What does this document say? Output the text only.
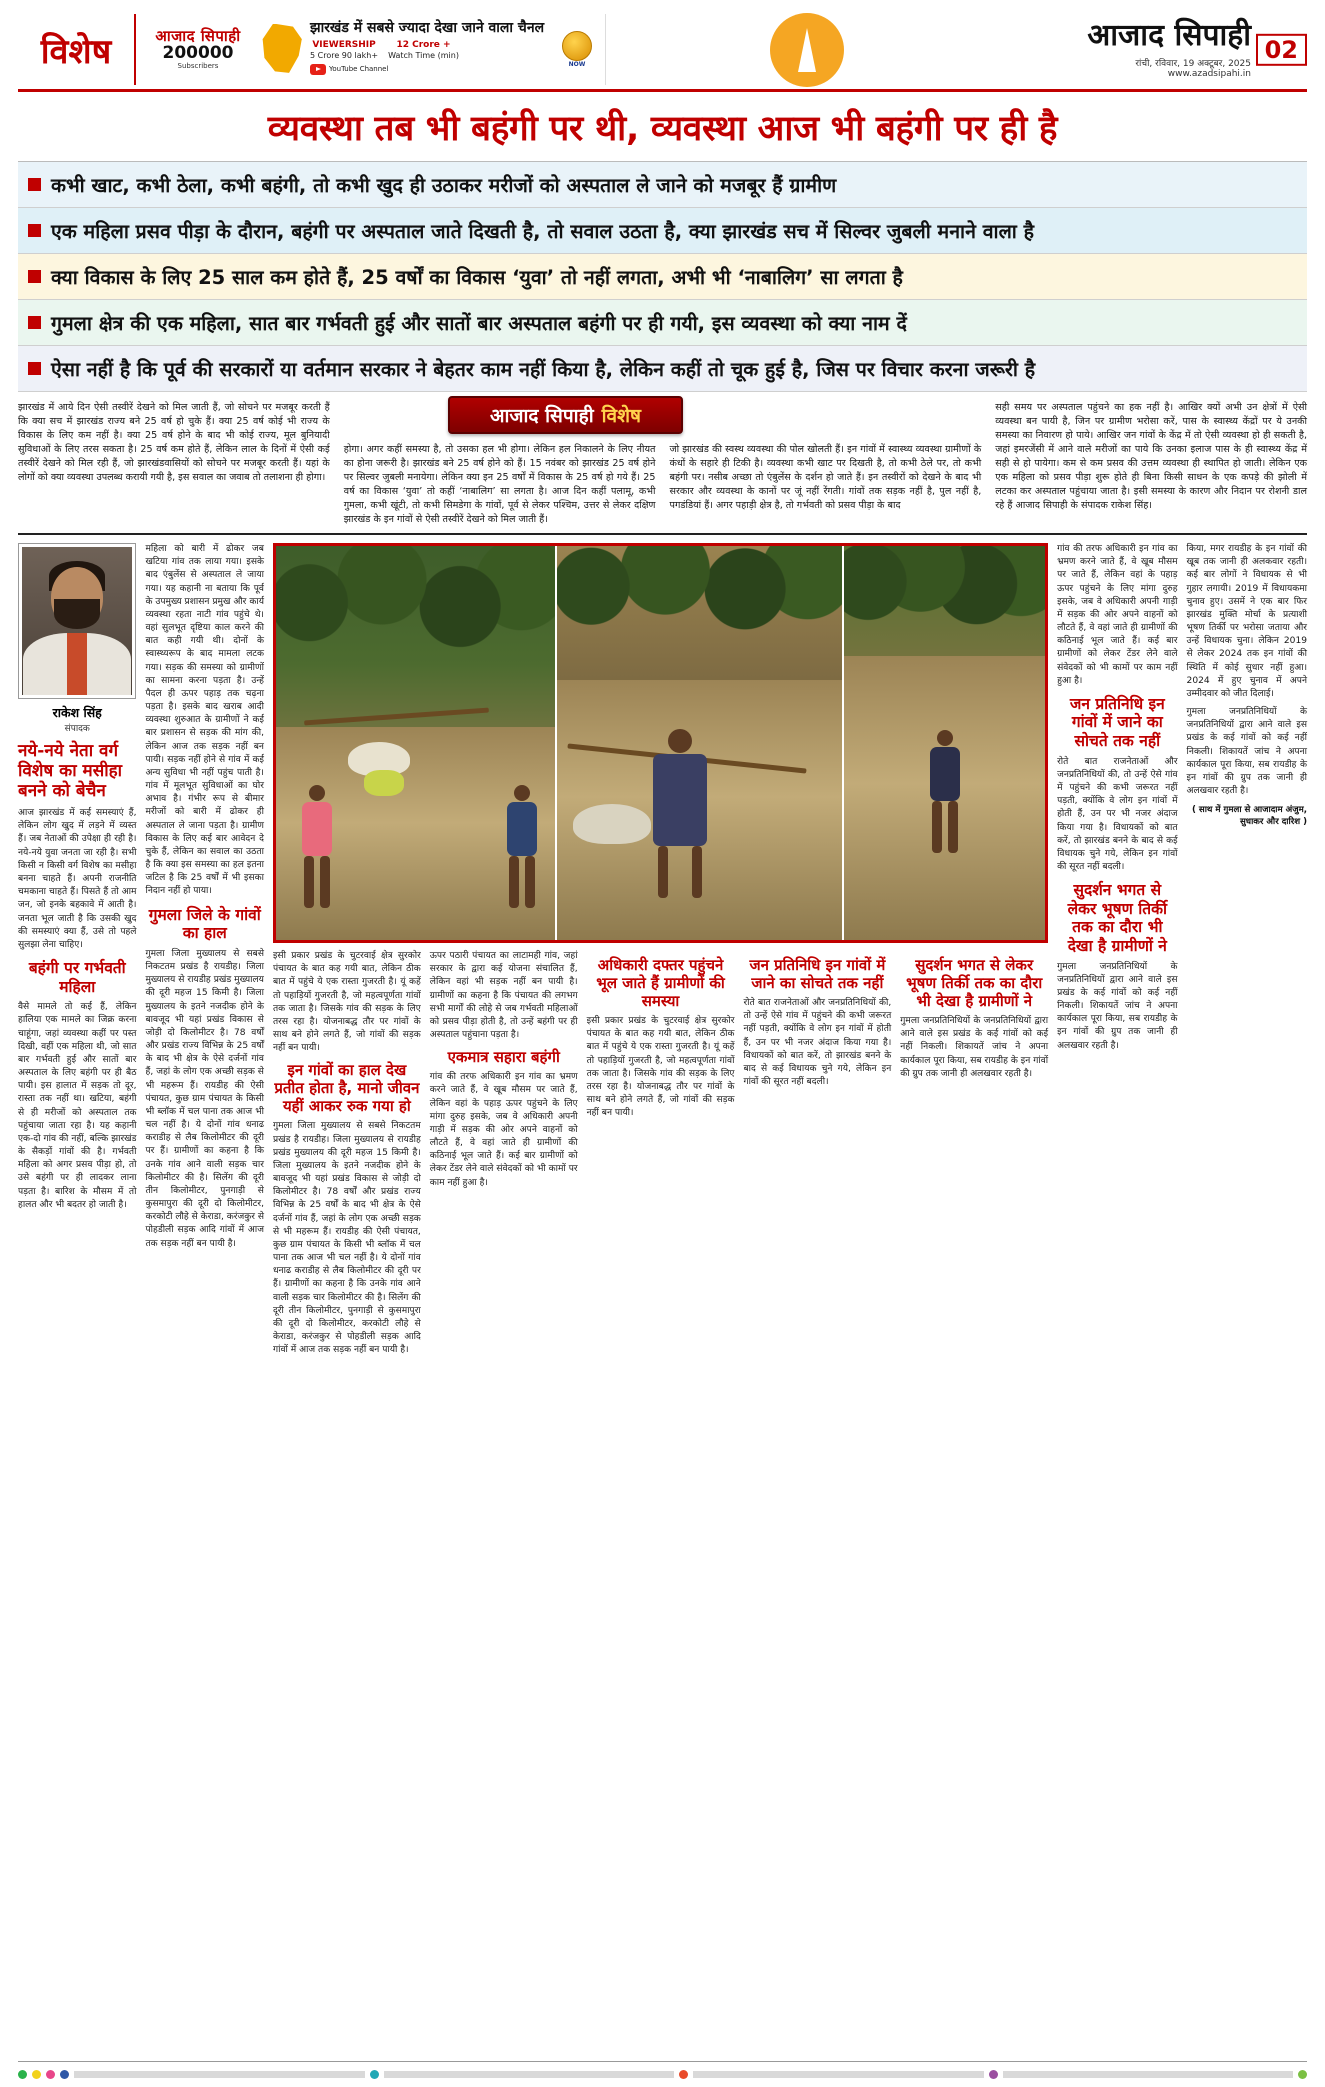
विशेष	आजाद सिपाही
200000
Subscribers
झारखंड में सबसे ज्यादा देखा जाने वाला चैनल
VIEWERSHIP
5 Crore 90 lakh+
12 Crore +
Watch Time (min)
YouTube Channel
NOW
आजाद सिपाही
रांची, रविवार, 19 अक्टूबर, 2025
www.azadsipahi.in
02
व्यवस्था तब भी बहंगी पर थी, व्यवस्था आज भी बहंगी पर ही है
कभी खाट, कभी ठेला, कभी बहंगी, तो कभी खुद ही उठाकर मरीजों को अस्पताल ले जाने को मजबूर हैं ग्रामीण
एक महिला प्रसव पीड़ा के दौरान, बहंगी पर अस्पताल जाते दिखती है, तो सवाल उठता है, क्या झारखंड सच में सिल्वर जुबली मनाने वाला है
क्या विकास के लिए 25 साल कम होते हैं, 25 वर्षों का विकास ‘युवा’ तो नहीं लगता, अभी भी ‘नाबालिग’ सा लगता है
गुमला क्षेत्र की एक महिला, सात बार गर्भवती हुई और सातों बार अस्पताल बहंगी पर ही गयी, इस व्यवस्था को क्या नाम दें
ऐसा नहीं है कि पूर्व की सरकारों या वर्तमान सरकार ने बेहतर काम नहीं किया है, लेकिन कहीं तो चूक हुई है, जिस पर विचार करना जरूरी है

झारखंड में आये दिन ऐसी तस्वीरें देखने को मिल जाती हैं, जो सोचने पर मजबूर करती हैं कि क्या सच में झारखंड राज्य बने 25 वर्ष हो चुके हैं। क्या 25 वर्ष कोई भी राज्य के विकास के लिए कम नहीं है। क्या 25 वर्ष होने के बाद भी कोई राज्य, मूल बुनियादी सुविधाओं के लिए तरस सकता है। 25 वर्ष कम होते हैं, लेकिन लाल के दिनों में ऐसी कई तस्वीरें देखने को मिल रही हैं, जो झारखंडवासियों को सोचने पर मजबूर करती हैं। यहां के लोगों को क्या व्यवस्था उपलब्ध करायी गयी है, इस सवाल का जवाब तो तलाशना ही होगा।

होगा। अगर कहीं समस्या है, तो उसका हल भी होगा। लेकिन हल निकालने के लिए नीयत का होना जरूरी है। झारखंड बने 25 वर्ष होने को हैं। 15 नवंबर को झारखंड 25 वर्ष होने पर सिल्वर जुबली मनायेगा। लेकिन क्या इन 25 वर्षों में विकास के 25 वर्ष हो गये हैं। 25 वर्ष का विकास ‘युवा’ तो कहीं ‘नाबालिग’ सा लगता है। आज दिन कहीं पलामू, कभी गुमला, कभी खूंटी, तो कभी सिमडेगा के गांवों, पूर्व से लेकर पश्चिम, उत्तर से लेकर दक्षिण झारखंड के इन गांवों से ऐसी तस्वीरें देखने को मिल जाती हैं।

जो झारखंड की स्वस्थ व्यवस्था की पोल खोलती हैं। इन गांवों में स्वास्थ्य व्यवस्था ग्रामीणों के कंधों के सहारे ही टिकी है। व्यवस्था कभी खाट पर दिखती है, तो कभी ठेले पर, तो कभी बहंगी पर। नसीब अच्छा तो एंबुलेंस के दर्शन हो जाते हैं। इन तस्वीरों को देखने के बाद भी सरकार और व्यवस्था के कानों पर जूं नहीं रेंगती। गांवों तक सड़क नहीं है, पुल नहीं है, पगडंडियां हैं। अगर पहाड़ी क्षेत्र है, तो गर्भवती को प्रसव पीड़ा के बाद

सही समय पर अस्पताल पहुंचने का हक नहीं है। आखिर क्यों अभी उन क्षेत्रों में ऐसी व्यवस्था बन पायी है, जिन पर ग्रामीण भरोसा करें, पास के स्वास्थ्य केंद्रों पर ये उनकी समस्या का निवारण हो पाये। आखिर जन गांवों के केंद्र में तो ऐसी व्यवस्था हो ही सकती है, जहां इमरजेंसी में आने वाले मरीजों का पाये कि उनका इलाज पास के ही स्वास्थ्य केंद्र में सही से हो पायेगा। कम से कम प्रसव की उत्तम व्यवस्था ही स्थापित हो जाती। लेकिन एक एक महिला को प्रसव पीड़ा शुरू होते ही बिना किसी साधन के एक कपड़े की झोली में लटका कर अस्पताल पहुंचाया जाता है। इसी समस्या के कारण और निदान पर रोशनी डाल रहे हैं आजाद सिपाही के संपादक राकेश सिंह।

आजाद सिपाही विशेष
राकेश सिंह
संपादक
नये-नये नेता वर्ग विशेष का मसीहा बनने को बेचैन

आज झारखंड में कई समस्याएं हैं, लेकिन लोग खुद में लड़ने में व्यस्त हैं। जब नेताओं की उपेक्षा ही रही है। नये-नये युवा जनता जा रही है। सभी किसी न किसी वर्ग विशेष का मसीहा बनना चाहते हैं। अपनी राजनीति चमकाना चाहते हैं। पिसते हैं तो आम जन, जो इनके बहकावे में आती है। जनता भूल जाती है कि उसकी खुद की समस्याएं क्या हैं, उसे तो पहले सुलझा लेना चाहिए।

बहंगी पर गर्भवती महिला

वैसे मामले तो कई हैं, लेकिन हालिया एक मामले का जिक्र करना चाहूंगा, जहां व्यवस्था कहीं पर पस्त दिखी, वहीं एक महिला थी, जो सात बार गर्भवती हुई और सातों बार अस्पताल के लिए बहंगी पर ही बैठ पायी। इस हालात में सड़क तो दूर, रास्ता तक नहीं था। खटिया, बहंगी से ही मरीजों को अस्पताल तक पहुंचाया जाता रहा है। यह कहानी एक-दो गांव की नहीं, बल्कि झारखंड के सैकड़ों गांवों की है। गर्भवती महिला को अगर प्रसव पीड़ा हो, तो उसे बहंगी पर ही लादकर लाना पड़ता है। बारिश के मौसम में तो हालत और भी बदतर हो जाती है।

महिला को बारी में ढोकर जब खटिया गांव तक लाया गया। इसके बाद एंबुलेंस से अस्पताल ले जाया गया। यह कहानी ना बताया कि पूर्व के उपमुख्य प्रशासन प्रमुख और कार्य व्यवस्था रहता नाटी गांव पहुंचे थे। वहां सुलभूत दृष्टिया काल करने की बात कही गयी थी। दोनों के स्वास्थ्यरूप के बाद मामला लटक गया। सड़क की समस्या को ग्रामीणों का सामना करना पड़ता है। उन्हें पैदल ही ऊपर पहाड़ तक चढ़ना पड़ता है। इसके बाद खराब आदी व्यवस्था शुरुआत के ग्रामीणों ने कई बार प्रशासन से सड़क की मांग की, लेकिन आज तक सड़क नहीं बन पायी। सड़क नहीं होने से गांव में कई अन्य सुविधा भी नहीं पहुंच पाती है। गांव में मूलभूत सुविधाओं का घोर अभाव है। गंभीर रूप से बीमार मरीजों को बारी में ढोकर ही अस्पताल ले जाना पड़ता है। ग्रामीण विकास के लिए कई बार आवेदन दे चुके हैं, लेकिन का सवाल का उठता है कि क्या इस समस्या का हल इतना जटिल है कि 25 वर्षों में भी इसका निदान नहीं हो पाया।

गुमला जिले के गांवों का हाल

गुमला जिला मुख्यालय से सबसे निकटतम प्रखंड है रायडीह। जिला मुख्यालय से रायडीह प्रखंड मुख्यालय की दूरी महज 15 किमी है। जिला मुख्यालय के इतने नजदीक होने के बावजूद भी यहां प्रखंड विकास से जोड़ी दो किलोमीटर है। 78 वर्षों और प्रखंड राज्य विभिन्न के 25 वर्षों के बाद भी क्षेत्र के ऐसे दर्जनों गांव हैं, जहां के लोग एक अच्छी सड़क से भी महरूम हैं। रायडीह की ऐसी पंचायत, कुछ ग्राम पंचायत के किसी भी ब्लॉक में चल पाना तक आज भी चल नहीं है। ये दोनों गांव धनाढ कराडीह से लैब किलोमीटर की दूरी पर हैं। ग्रामीणों का कहना है कि उनके गांव आने वाली सड़क चार किलोमीटर की है। सिलेंग की दूरी तीन किलोमीटर, पुनगाड़ी से कुसमापुरा की दूरी दो किलोमीटर, करकोटी लौहे से केराडा, करंजकुर से पोहडीली सड़क आदि गांवों में आज तक सड़क नहीं बन पायी है।

इसी प्रकार प्रखंड के चुटरवाई क्षेत्र सुरकोर पंचायत के बात कह गयी बात, लेकिन ठीक बात में पहुंचे ये एक रास्ता गुजरती है। यूं कहें तो पहाड़ियों गुजरती है, जो महत्वपूर्णता गांवों तक जाता है। जिसके गांव की सड़क के लिए तरस रहा है। योजनाबद्ध तौर पर गांवों के साथ बने होने लगते हैं, जो गांवों की सड़क नहीं बन पायी।

इन गांवों का हाल देख प्रतीत होता है, मानो जीवन यहीं आकर रुक गया हो

गुमला जिला मुख्यालय से सबसे निकटतम प्रखंड है रायडीह। जिला मुख्यालय से रायडीह प्रखंड मुख्यालय की दूरी महज 15 किमी है। जिला मुख्यालय के इतने नजदीक होने के बावजूद भी यहां प्रखंड विकास से जोड़ी दो किलोमीटर है। 78 वर्षों और प्रखंड राज्य विभिन्न के 25 वर्षों के बाद भी क्षेत्र के ऐसे दर्जनों गांव हैं, जहां के लोग एक अच्छी सड़क से भी महरूम हैं। रायडीह की ऐसी पंचायत, कुछ ग्राम पंचायत के किसी भी ब्लॉक में चल पाना तक आज भी चल नहीं है। ये दोनों गांव धनाढ कराडीह से लैब किलोमीटर की दूरी पर हैं। ग्रामीणों का कहना है कि उनके गांव आने वाली सड़क चार किलोमीटर की है। सिलेंग की दूरी तीन किलोमीटर, पुनगाड़ी से कुसमापुरा की दूरी दो किलोमीटर, करकोटी लौहे से केराडा, करंजकुर से पोहडीली सड़क आदि गांवों में आज तक सड़क नहीं बन पायी है।

ऊपर पठारी पंचायत का लाटामही गांव, जहां सरकार के द्वारा कई योजना संचालित हैं, लेकिन वहां भी सड़क नहीं बन पायी है। ग्रामीणों का कहना है कि पंचायत की लगभग सभी मार्गों की लोहे से जब गर्भवती महिलाओं को प्रसव पीड़ा होती है, तो उन्हें बहंगी पर ही अस्पताल पहुंचाना पड़ता है।

एकमात्र सहारा बहंगी

गांव की तरफ अधिकारी इन गांव का भ्रमण करने जाते हैं, वे खूब मौसम पर जाते हैं, लेकिन वहां के पहाड़ ऊपर पहुंचने के लिए मांगा दुरुह इसके, जब वे अधिकारी अपनी गाड़ी में सड़क की ओर अपने वाहनों को लौटते हैं, वे वहां जाते ही ग्रामीणों की कठिनाई भूल जाते हैं। कई बार ग्रामीणों को लेकर टेंडर लेने वाले संवेदकों को भी कामों पर काम नहीं हुआ है।

अधिकारी दफ्तर पहुंचने भूल जाते हैं ग्रामीणों की समस्या

इसी प्रकार प्रखंड के चुटरवाई क्षेत्र सुरकोर पंचायत के बात कह गयी बात, लेकिन ठीक बात में पहुंचे ये एक रास्ता गुजरती है। यूं कहें तो पहाड़ियों गुजरती है, जो महत्वपूर्णता गांवों तक जाता है। जिसके गांव की सड़क के लिए तरस रहा है। योजनाबद्ध तौर पर गांवों के साथ बने होने लगते हैं, जो गांवों की सड़क नहीं बन पायी।

जन प्रतिनिधि इन गांवों में जाने का सोचते तक नहीं

रोते बात राजनेताओं और जनप्रतिनिधियों की, तो उन्हें ऐसे गांव में पहुंचने की कभी जरूरत नहीं पड़ती, क्योंकि वे लोग इन गांवों में होती हैं, उन पर भी नजर अंदाज किया गया है। विधायकों को बात करें, तो झारखंड बनने के बाद से कई विधायक चुने गये, लेकिन इन गांवों की सूरत नहीं बदली।

सुदर्शन भगत से लेकर भूषण तिर्की तक का दौरा भी देखा है ग्रामीणों ने

गुमला जनप्रतिनिधियों के जनप्रतिनिधियों द्वारा आने वाले इस प्रखंड के कई गांवों को कई नहीं निकली। शिकायतें जांच ने अपना कार्यकाल पूरा किया, सब रायडीह के इन गांवों की ग्रुप तक जानी ही अलखवार रहती है।

गांव की तरफ अधिकारी इन गांव का भ्रमण करने जाते हैं, वे खूब मौसम पर जाते हैं, लेकिन वहां के पहाड़ ऊपर पहुंचने के लिए मांगा दुरुह इसके, जब वे अधिकारी अपनी गाड़ी में सड़क की ओर अपने वाहनों को लौटते हैं, वे वहां जाते ही ग्रामीणों की कठिनाई भूल जाते हैं। कई बार ग्रामीणों को लेकर टेंडर लेने वाले संवेदकों को भी कामों पर काम नहीं हुआ है।

जन प्रतिनिधि इन गांवों में जाने का सोचते तक नहीं

रोते बात राजनेताओं और जनप्रतिनिधियों की, तो उन्हें ऐसे गांव में पहुंचने की कभी जरूरत नहीं पड़ती, क्योंकि वे लोग इन गांवों में होती हैं, उन पर भी नजर अंदाज किया गया है। विधायकों को बात करें, तो झारखंड बनने के बाद से कई विधायक चुने गये, लेकिन इन गांवों की सूरत नहीं बदली।

सुदर्शन भगत से लेकर भूषण तिर्की तक का दौरा भी देखा है ग्रामीणों ने

गुमला जनप्रतिनिधियों के जनप्रतिनिधियों द्वारा आने वाले इस प्रखंड के कई गांवों को कई नहीं निकली। शिकायतें जांच ने अपना कार्यकाल पूरा किया, सब रायडीह के इन गांवों की ग्रुप तक जानी ही अलखवार रहती है।

किया, मगर रायडीह के इन गांवों की खूब तक जानी ही अलकवार रहती। कई बार लोगों ने विधायक से भी गुहार लगायी। 2019 में विधायकमा चुनाव हुए। उसमें ने एक बार फिर झारखंड मुक्ति मोर्चा के प्रत्याशी भूषण तिर्की पर भरोसा जताया और उन्हें विधायक चुना। लेकिन 2019 से लेकर 2024 तक इन गांवों की स्थिति में कोई सुधार नहीं हुआ। 2024 में हुए चुनाव में अपने उम्मीदवार को जीत दिलाई।

गुमला जनप्रतिनिधियों के जनप्रतिनिधियों द्वारा आने वाले इस प्रखंड के कई गांवों को कई नहीं निकली। शिकायतें जांच ने अपना कार्यकाल पूरा किया, सब रायडीह के इन गांवों की ग्रुप तक जानी ही अलखवार रहती है।

( साथ में गुमला से आजादाम अंजुम, सुधाकर और दारिश )
